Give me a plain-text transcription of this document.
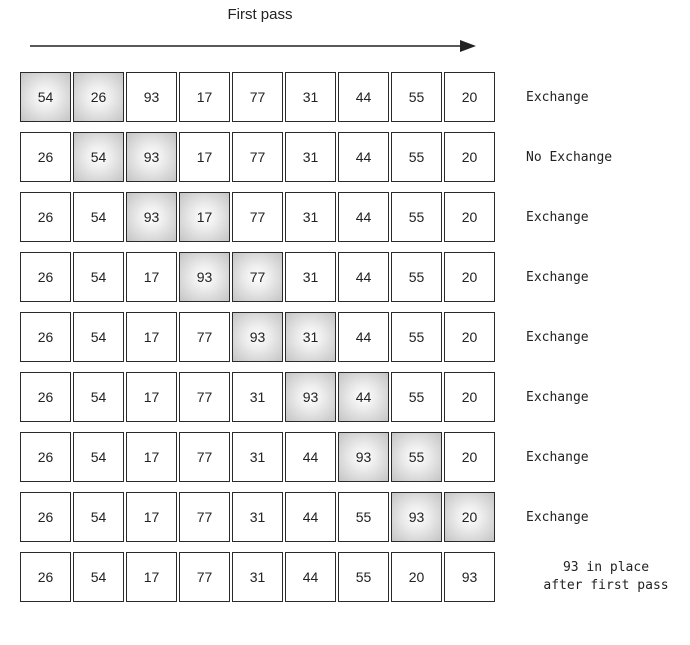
First pass
54	26	93	17	77	31	44	55	20	Exchange
26	54	93	17	77	31	44	55	20	No Exchange
26	54	93	17	77	31	44	55	20	Exchange
26	54	17	93	77	31	44	55	20	Exchange
26	54	17	77	93	31	44	55	20	Exchange
26	54	17	77	31	93	44	55	20	Exchange
26	54	17	77	31	44	93	55	20	Exchange
26	54	17	77	31	44	55	93	20	Exchange
26	54	17	77	31	44	55	20	93
93 in place
after first pass
